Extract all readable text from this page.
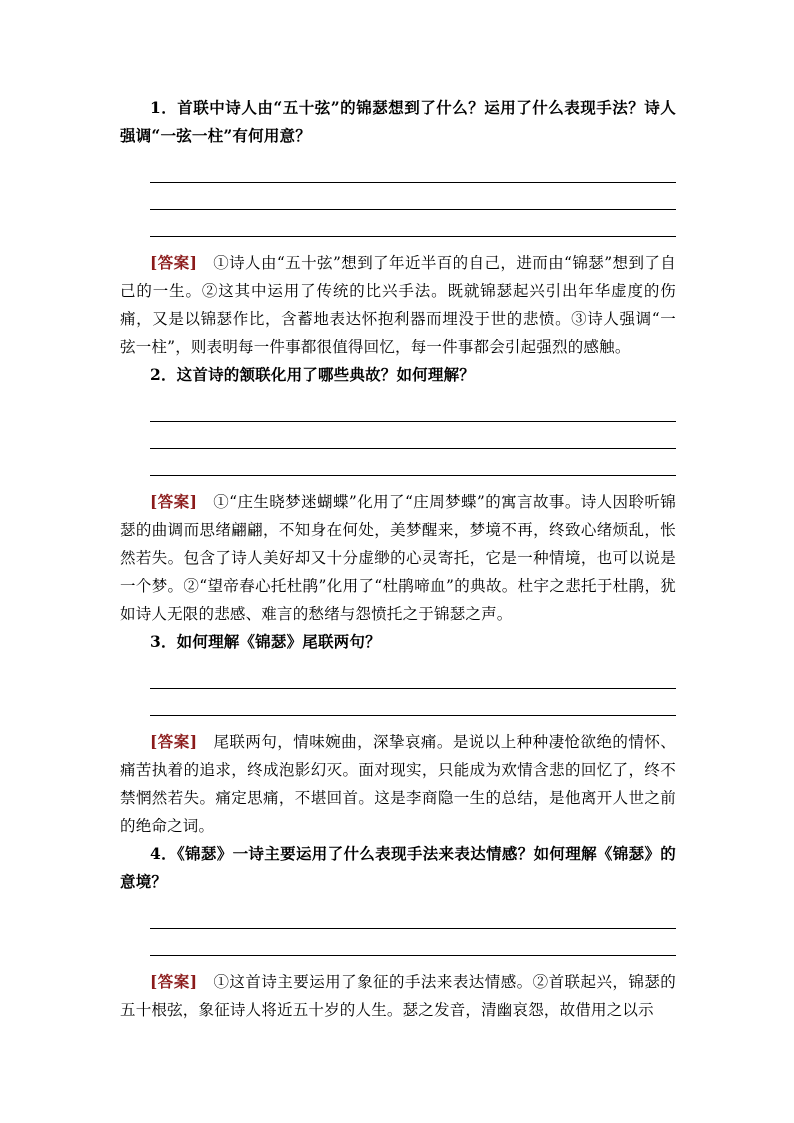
1．首联中诗人由“五十弦”的锦瑟想到了什么？运用了什么表现手法？诗人强调“一弦一柱”有何用意？

[答案]　 ①诗人由“五十弦”想到了年近半百的自己，进而由“锦瑟”想到了自己的一生。②这其中运用了传统的比兴手法。既就锦瑟起兴引出年华虚度的伤痛，又是以锦瑟作比，含蓄地表达怀抱利器而埋没于世的悲愤。③诗人强调“一弦一柱”，则表明每一件事都很值得回忆，每一件事都会引起强烈的感触。

2．这首诗的颔联化用了哪些典故？如何理解？

[答案]　 ①“庄生晓梦迷蝴蝶”化用了“庄周梦蝶”的寓言故事。诗人因聆听锦瑟的曲调而思绪翩翩，不知身在何处，美梦醒来，梦境不再，终致心绪烦乱，怅然若失。包含了诗人美好却又十分虚缈的心灵寄托，它是一种情境，也可以说是一个梦。②“望帝春心托杜鹃”化用了“杜鹃啼血”的典故。杜宇之悲托于杜鹃，犹如诗人无限的悲感、难言的愁绪与怨愤托之于锦瑟之声。

3．如何理解《锦瑟》尾联两句？

[答案]　 尾联两句，情味婉曲，深挚哀痛。是说以上种种凄怆欲绝的情怀、痛苦执着的追求，终成泡影幻灭。面对现实，只能成为欢情含悲的回忆了，终不禁惘然若失。痛定思痛，不堪回首。这是李商隐一生的总结，是他离开人世之前的绝命之词。

4．《锦瑟》一诗主要运用了什么表现手法来表达情感？如何理解《锦瑟》的意境？

[答案]　 ①这首诗主要运用了象征的手法来表达情感。②首联起兴，锦瑟的五十根弦，象征诗人将近五十岁的人生。瑟之发音，清幽哀怨，故借用之以示
